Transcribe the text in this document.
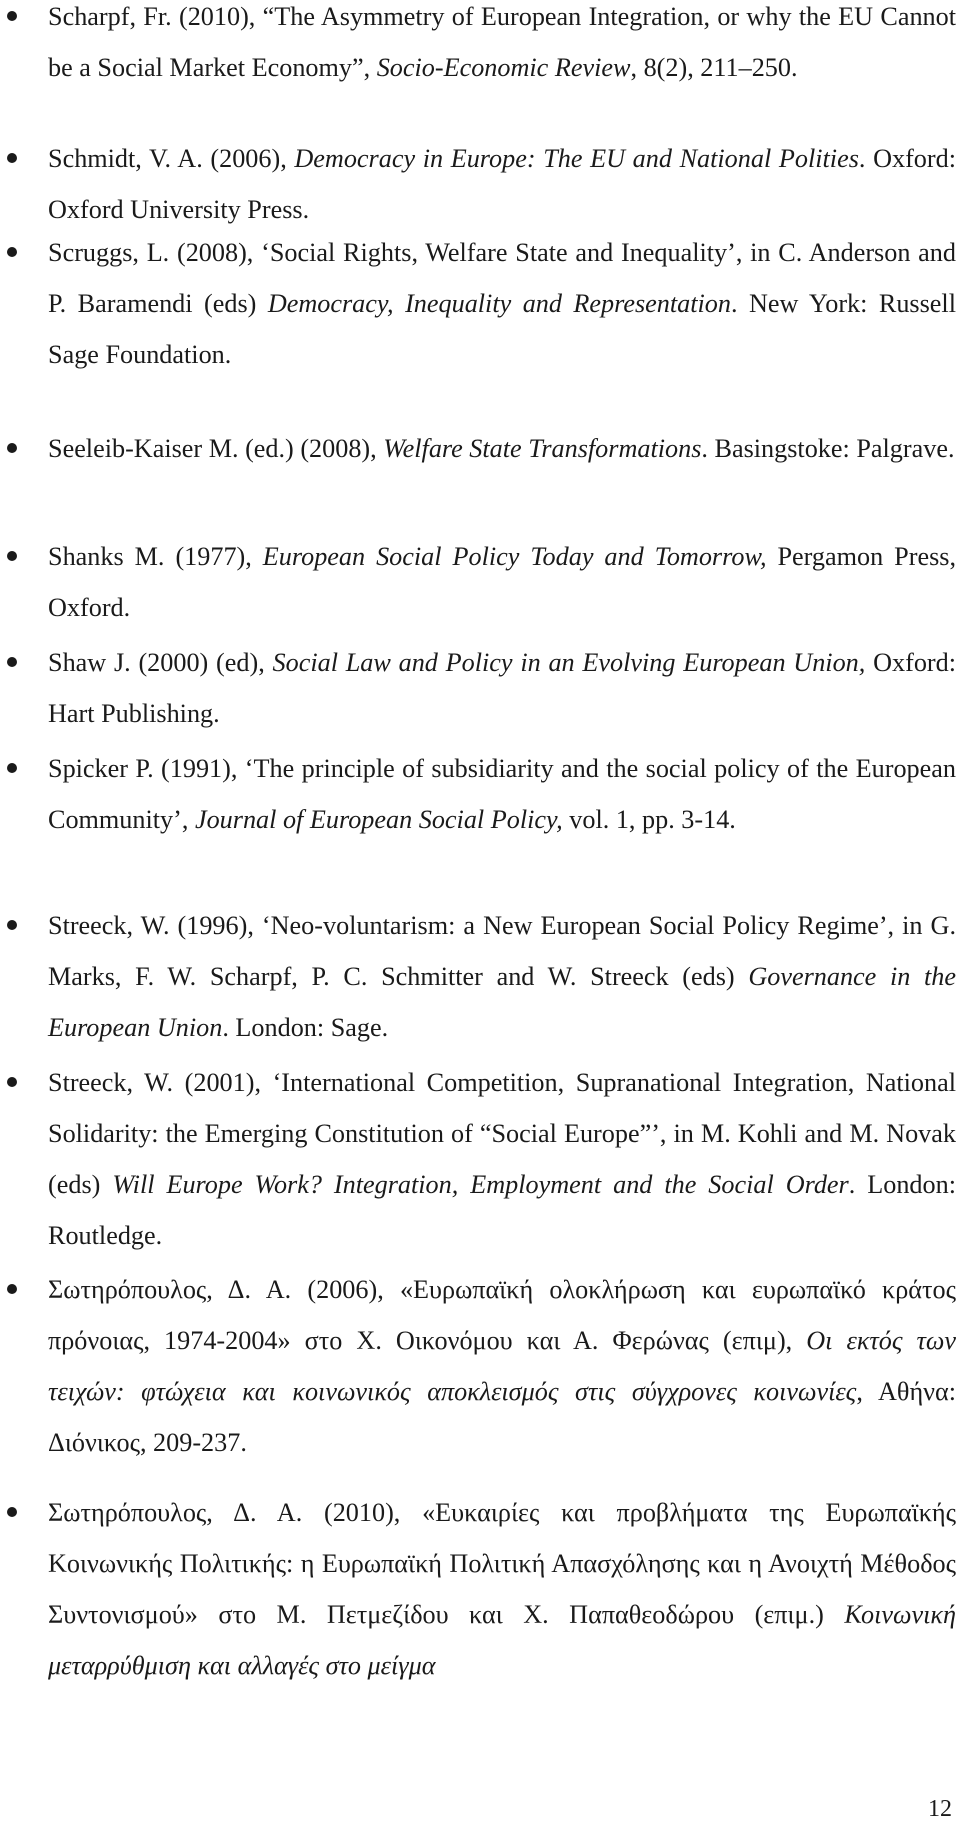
Scharpf, Fr. (2010), “The Asymmetry of European Integration, or why the EU Cannot be a Social Market Economy”, Socio-Economic Review, 8(2), 211–250.
Schmidt, V. A. (2006), Democracy in Europe: The EU and National Polities. Oxford: Oxford University Press.
Scruggs, L. (2008), ‘Social Rights, Welfare State and Inequality’, in C. Anderson and P. Baramendi (eds) Democracy, Inequality and Representation. New York: Russell Sage Foundation.
Seeleib-Kaiser M. (ed.) (2008), Welfare State Transformations. Basingstoke: Palgrave.
Shanks M. (1977), European Social Policy Today and Tomorrow, Pergamon Press, Oxford.
Shaw J. (2000) (ed), Social Law and Policy in an Evolving European Union, Oxford: Hart Publishing.
Spicker P. (1991), ‘The principle of subsidiarity and the social policy of the European Community’, Journal of European Social Policy, vol. 1, pp. 3-14.
Streeck, W. (1996), ‘Neo-voluntarism: a New European Social Policy Regime’, in G. Marks, F. W. Scharpf, P. C. Schmitter and W. Streeck (eds) Governance in the European Union. London: Sage.
Streeck, W. (2001), ‘International Competition, Supranational Integration, National Solidarity: the Emerging Constitution of “Social Europe”’, in M. Kohli and M. Novak (eds) Will Europe Work? Integration, Employment and the Social Order. London: Routledge.
Σωτηρόπουλος, Δ. Α. (2006), «Ευρωπαϊκή ολοκλήρωση και ευρωπαϊκό κράτος πρόνοιας, 1974-2004» στο Χ. Οικονόμου και Α. Φερώνας (επιμ), Οι εκτός των τειχών: φτώχεια και κοινωνικός αποκλεισμός στις σύγχρονες κοινωνίες, Αθήνα: Διόνικος, 209-237.
Σωτηρόπουλος, Δ. Α. (2010), «Ευκαιρίες και προβλήματα της Ευρωπαϊκής Κοινωνικής Πολιτικής: η Ευρωπαϊκή Πολιτική Απασχόλησης και η Ανοιχτή Μέθοδος Συντονισμού» στο Μ. Πετμεζίδου και Χ. Παπαθεοδώρου (επιμ.) Κοινωνική μεταρρύθμιση και αλλαγές στο μείγμα
12
